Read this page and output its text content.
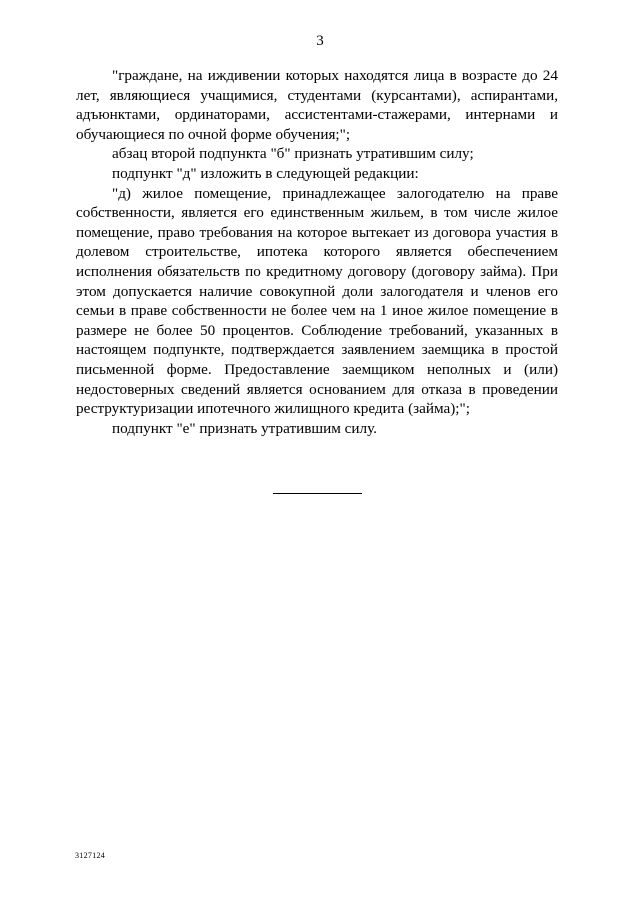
3

"граждане, на иждивении которых находятся лица в возрасте до 24 лет, являющиеся учащимися, студентами (курсантами), аспирантами, адъюнктами, ординаторами, ассистентами-стажерами, интернами и обучающиеся по очной форме обучения;";

абзац второй подпункта "б" признать утратившим силу;

подпункт "д" изложить в следующей редакции:

"д) жилое помещение, принадлежащее залогодателю на праве собственности, является его единственным жильем, в том числе жилое помещение, право требования на которое вытекает из договора участия в долевом строительстве, ипотека которого является обеспечением исполнения обязательств по кредитному договору (договору займа). При этом допускается наличие совокупной доли залогодателя и членов его семьи в праве собственности не более чем на 1 иное жилое помещение в размере не более 50 процентов. Соблюдение требований, указанных в настоящем подпункте, подтверждается заявлением заемщика в простой письменной форме. Предоставление заемщиком неполных и (или) недостоверных сведений является основанием для отказа в проведении реструктуризации ипотечного жилищного кредита (займа);";

подпункт "е" признать утратившим силу.

3127124
